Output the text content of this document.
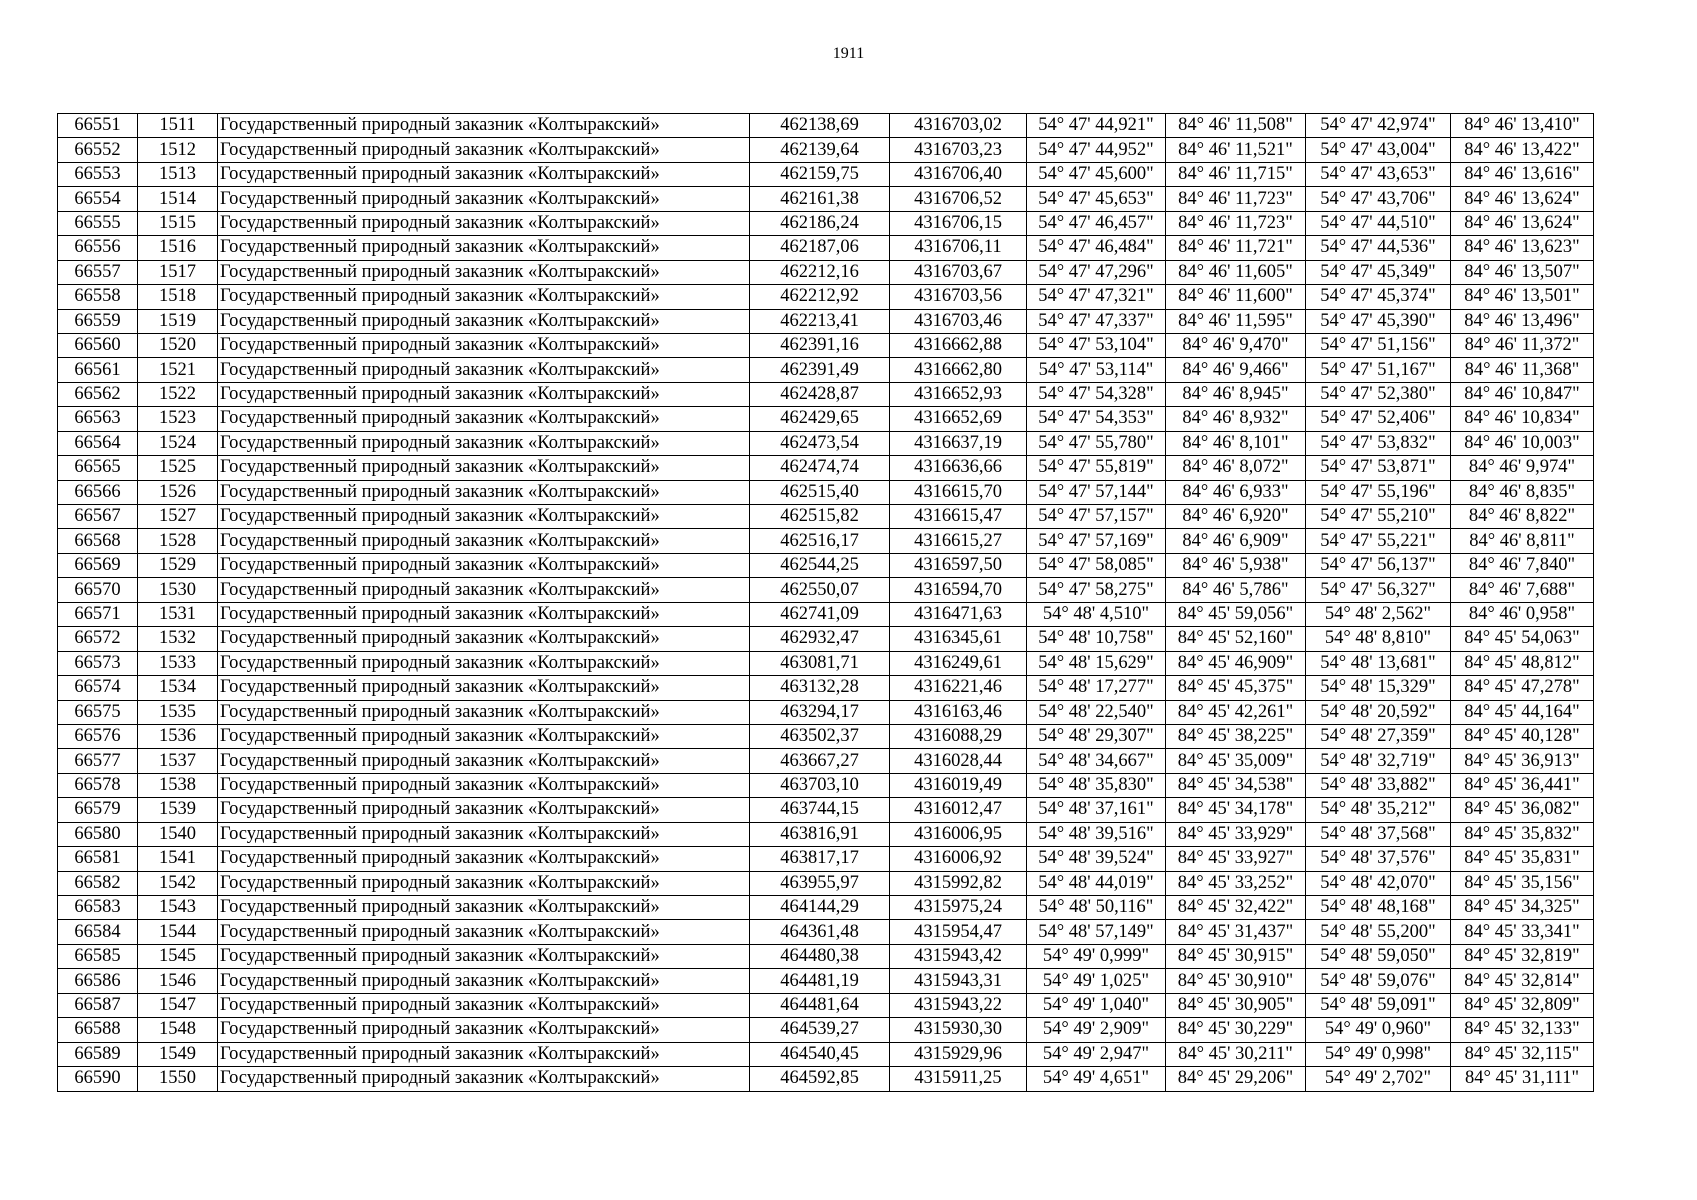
1911
66551	1511	Государственный природный заказник «Колтыракский»	462138,69	4316703,02	54° 47' 44,921"	84° 46' 11,508"	54° 47' 42,974"	84° 46' 13,410"
66552	1512	Государственный природный заказник «Колтыракский»	462139,64	4316703,23	54° 47' 44,952"	84° 46' 11,521"	54° 47' 43,004"	84° 46' 13,422"
66553	1513	Государственный природный заказник «Колтыракский»	462159,75	4316706,40	54° 47' 45,600"	84° 46' 11,715"	54° 47' 43,653"	84° 46' 13,616"
66554	1514	Государственный природный заказник «Колтыракский»	462161,38	4316706,52	54° 47' 45,653"	84° 46' 11,723"	54° 47' 43,706"	84° 46' 13,624"
66555	1515	Государственный природный заказник «Колтыракский»	462186,24	4316706,15	54° 47' 46,457"	84° 46' 11,723"	54° 47' 44,510"	84° 46' 13,624"
66556	1516	Государственный природный заказник «Колтыракский»	462187,06	4316706,11	54° 47' 46,484"	84° 46' 11,721"	54° 47' 44,536"	84° 46' 13,623"
66557	1517	Государственный природный заказник «Колтыракский»	462212,16	4316703,67	54° 47' 47,296"	84° 46' 11,605"	54° 47' 45,349"	84° 46' 13,507"
66558	1518	Государственный природный заказник «Колтыракский»	462212,92	4316703,56	54° 47' 47,321"	84° 46' 11,600"	54° 47' 45,374"	84° 46' 13,501"
66559	1519	Государственный природный заказник «Колтыракский»	462213,41	4316703,46	54° 47' 47,337"	84° 46' 11,595"	54° 47' 45,390"	84° 46' 13,496"
66560	1520	Государственный природный заказник «Колтыракский»	462391,16	4316662,88	54° 47' 53,104"	84° 46' 9,470"	54° 47' 51,156"	84° 46' 11,372"
66561	1521	Государственный природный заказник «Колтыракский»	462391,49	4316662,80	54° 47' 53,114"	84° 46' 9,466"	54° 47' 51,167"	84° 46' 11,368"
66562	1522	Государственный природный заказник «Колтыракский»	462428,87	4316652,93	54° 47' 54,328"	84° 46' 8,945"	54° 47' 52,380"	84° 46' 10,847"
66563	1523	Государственный природный заказник «Колтыракский»	462429,65	4316652,69	54° 47' 54,353"	84° 46' 8,932"	54° 47' 52,406"	84° 46' 10,834"
66564	1524	Государственный природный заказник «Колтыракский»	462473,54	4316637,19	54° 47' 55,780"	84° 46' 8,101"	54° 47' 53,832"	84° 46' 10,003"
66565	1525	Государственный природный заказник «Колтыракский»	462474,74	4316636,66	54° 47' 55,819"	84° 46' 8,072"	54° 47' 53,871"	84° 46' 9,974"
66566	1526	Государственный природный заказник «Колтыракский»	462515,40	4316615,70	54° 47' 57,144"	84° 46' 6,933"	54° 47' 55,196"	84° 46' 8,835"
66567	1527	Государственный природный заказник «Колтыракский»	462515,82	4316615,47	54° 47' 57,157"	84° 46' 6,920"	54° 47' 55,210"	84° 46' 8,822"
66568	1528	Государственный природный заказник «Колтыракский»	462516,17	4316615,27	54° 47' 57,169"	84° 46' 6,909"	54° 47' 55,221"	84° 46' 8,811"
66569	1529	Государственный природный заказник «Колтыракский»	462544,25	4316597,50	54° 47' 58,085"	84° 46' 5,938"	54° 47' 56,137"	84° 46' 7,840"
66570	1530	Государственный природный заказник «Колтыракский»	462550,07	4316594,70	54° 47' 58,275"	84° 46' 5,786"	54° 47' 56,327"	84° 46' 7,688"
66571	1531	Государственный природный заказник «Колтыракский»	462741,09	4316471,63	54° 48' 4,510"	84° 45' 59,056"	54° 48' 2,562"	84° 46' 0,958"
66572	1532	Государственный природный заказник «Колтыракский»	462932,47	4316345,61	54° 48' 10,758"	84° 45' 52,160"	54° 48' 8,810"	84° 45' 54,063"
66573	1533	Государственный природный заказник «Колтыракский»	463081,71	4316249,61	54° 48' 15,629"	84° 45' 46,909"	54° 48' 13,681"	84° 45' 48,812"
66574	1534	Государственный природный заказник «Колтыракский»	463132,28	4316221,46	54° 48' 17,277"	84° 45' 45,375"	54° 48' 15,329"	84° 45' 47,278"
66575	1535	Государственный природный заказник «Колтыракский»	463294,17	4316163,46	54° 48' 22,540"	84° 45' 42,261"	54° 48' 20,592"	84° 45' 44,164"
66576	1536	Государственный природный заказник «Колтыракский»	463502,37	4316088,29	54° 48' 29,307"	84° 45' 38,225"	54° 48' 27,359"	84° 45' 40,128"
66577	1537	Государственный природный заказник «Колтыракский»	463667,27	4316028,44	54° 48' 34,667"	84° 45' 35,009"	54° 48' 32,719"	84° 45' 36,913"
66578	1538	Государственный природный заказник «Колтыракский»	463703,10	4316019,49	54° 48' 35,830"	84° 45' 34,538"	54° 48' 33,882"	84° 45' 36,441"
66579	1539	Государственный природный заказник «Колтыракский»	463744,15	4316012,47	54° 48' 37,161"	84° 45' 34,178"	54° 48' 35,212"	84° 45' 36,082"
66580	1540	Государственный природный заказник «Колтыракский»	463816,91	4316006,95	54° 48' 39,516"	84° 45' 33,929"	54° 48' 37,568"	84° 45' 35,832"
66581	1541	Государственный природный заказник «Колтыракский»	463817,17	4316006,92	54° 48' 39,524"	84° 45' 33,927"	54° 48' 37,576"	84° 45' 35,831"
66582	1542	Государственный природный заказник «Колтыракский»	463955,97	4315992,82	54° 48' 44,019"	84° 45' 33,252"	54° 48' 42,070"	84° 45' 35,156"
66583	1543	Государственный природный заказник «Колтыракский»	464144,29	4315975,24	54° 48' 50,116"	84° 45' 32,422"	54° 48' 48,168"	84° 45' 34,325"
66584	1544	Государственный природный заказник «Колтыракский»	464361,48	4315954,47	54° 48' 57,149"	84° 45' 31,437"	54° 48' 55,200"	84° 45' 33,341"
66585	1545	Государственный природный заказник «Колтыракский»	464480,38	4315943,42	54° 49' 0,999"	84° 45' 30,915"	54° 48' 59,050"	84° 45' 32,819"
66586	1546	Государственный природный заказник «Колтыракский»	464481,19	4315943,31	54° 49' 1,025"	84° 45' 30,910"	54° 48' 59,076"	84° 45' 32,814"
66587	1547	Государственный природный заказник «Колтыракский»	464481,64	4315943,22	54° 49' 1,040"	84° 45' 30,905"	54° 48' 59,091"	84° 45' 32,809"
66588	1548	Государственный природный заказник «Колтыракский»	464539,27	4315930,30	54° 49' 2,909"	84° 45' 30,229"	54° 49' 0,960"	84° 45' 32,133"
66589	1549	Государственный природный заказник «Колтыракский»	464540,45	4315929,96	54° 49' 2,947"	84° 45' 30,211"	54° 49' 0,998"	84° 45' 32,115"
66590	1550	Государственный природный заказник «Колтыракский»	464592,85	4315911,25	54° 49' 4,651"	84° 45' 29,206"	54° 49' 2,702"	84° 45' 31,111"
